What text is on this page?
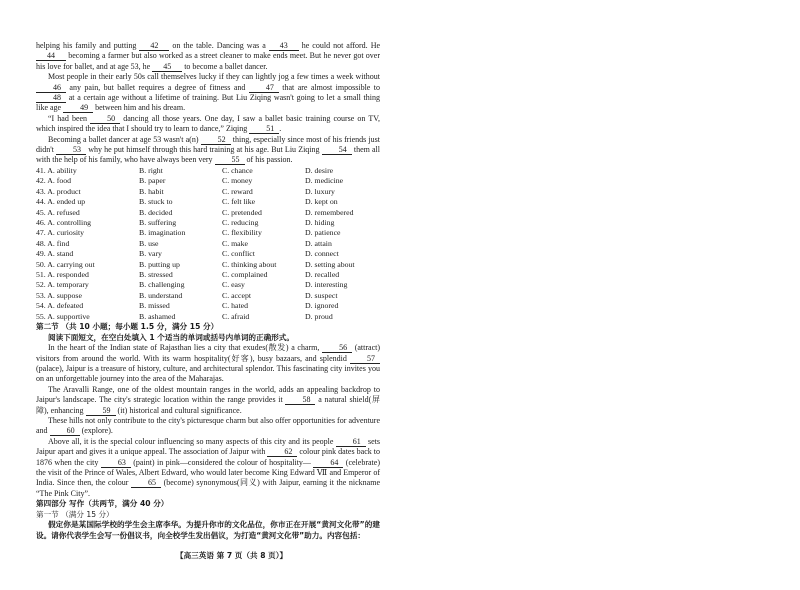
helping his family and putting 42 on the table. Dancing was a 43 he could not afford. He 44 becoming a farmer but also worked as a street cleaner to make ends meet. But he never got over his love for ballet, and at age 53, he 45 to become a ballet dancer.

Most people in their early 50s call themselves lucky if they can lightly jog a few times a week without 46 any pain, but ballet requires a degree of fitness and 47 that are almost impossible to 48 at a certain age without a lifetime of training. But Liu Ziqing wasn't going to let a small thing like age 49 between him and his dream.

“I had been 50 dancing all those years. One day, I saw a ballet basic training course on TV, which inspired the idea that I should try to learn to dance,” Ziqing 51 .

Becoming a ballet dancer at age 53 wasn't a(n) 52 thing, especially since most of his friends just didn't 53 why he put himself through this hard training at his age. But Liu Ziqing 54 them all with the help of his family, who have always been very 55 of his passion.

41. A. ability	B. right	C. chance	D. desire
42. A. food	B. paper	C. money	D. medicine
43. A. product	B. habit	C. reward	D. luxury
44. A. ended up	B. stuck to	C. felt like	D. kept on
45. A. refused	B. decided	C. pretended	D. remembered
46. A. controlling	B. suffering	C. reducing	D. hiding
47. A. curiosity	B. imagination	C. flexibility	D. patience
48. A. find	B. use	C. make	D. attain
49. A. stand	B. vary	C. conflict	D. connect
50. A. carrying out	B. putting up	C. thinking about	D. setting about
51. A. responded	B. stressed	C. complained	D. recalled
52. A. temporary	B. challenging	C. easy	D. interesting
53. A. suppose	B. understand	C. accept	D. suspect
54. A. defeated	B. missed	C. hated	D. ignored
55. A. supportive	B. ashamed	C. afraid	D. proud

第二节 （共 10 小题；每小题 1.5 分，满分 15 分）

阅读下面短文，在空白处填入 1 个适当的单词或括号内单词的正确形式。

In the heart of the Indian state of Rajasthan lies a city that exudes(散发) a charm, 56 (attract) visitors from around the world. With its warm hospitality(好客), busy bazaars, and splendid 57 (palace), Jaipur is a treasure of history, culture, and architectural splendor. This fascinating city invites you on an unforgettable journey into the area of the Maharajas.

The Aravalli Range, one of the oldest mountain ranges in the world, adds an appealing backdrop to Jaipur's landscape. The city's strategic location within the range provides it 58 a natural shield(屏障), enhancing 59 (it) historical and cultural significance.

These hills not only contribute to the city's picturesque charm but also offer opportunities for adventure and 60 (explore).

Above all, it is the special colour influencing so many aspects of this city and its people 61 sets Jaipur apart and gives it a unique appeal. The association of Jaipur with 62 colour pink dates back to 1876 when the city 63 (paint) in pink—considered the colour of hospitality— 64 (celebrate) the visit of the Prince of Wales, Albert Edward, who would later become King Edward Ⅶ and Emperor of India. Since then, the colour 65 (become) synonymous(同义) with Jaipur, earning it the nickname “The Pink City”.

第四部分 写作（共两节，满分 40 分）

第一节 （满分 15 分）

假定你是某国际学校的学生会主席李华。为提升你市的文化品位，你市正在开展“黄河文化带”的建设。请你代表学生会写一份倡议书，向全校学生发出倡议，为打造“黄河文化带”助力。内容包括：

【高三英语 第 7 页（共 8 页）】
